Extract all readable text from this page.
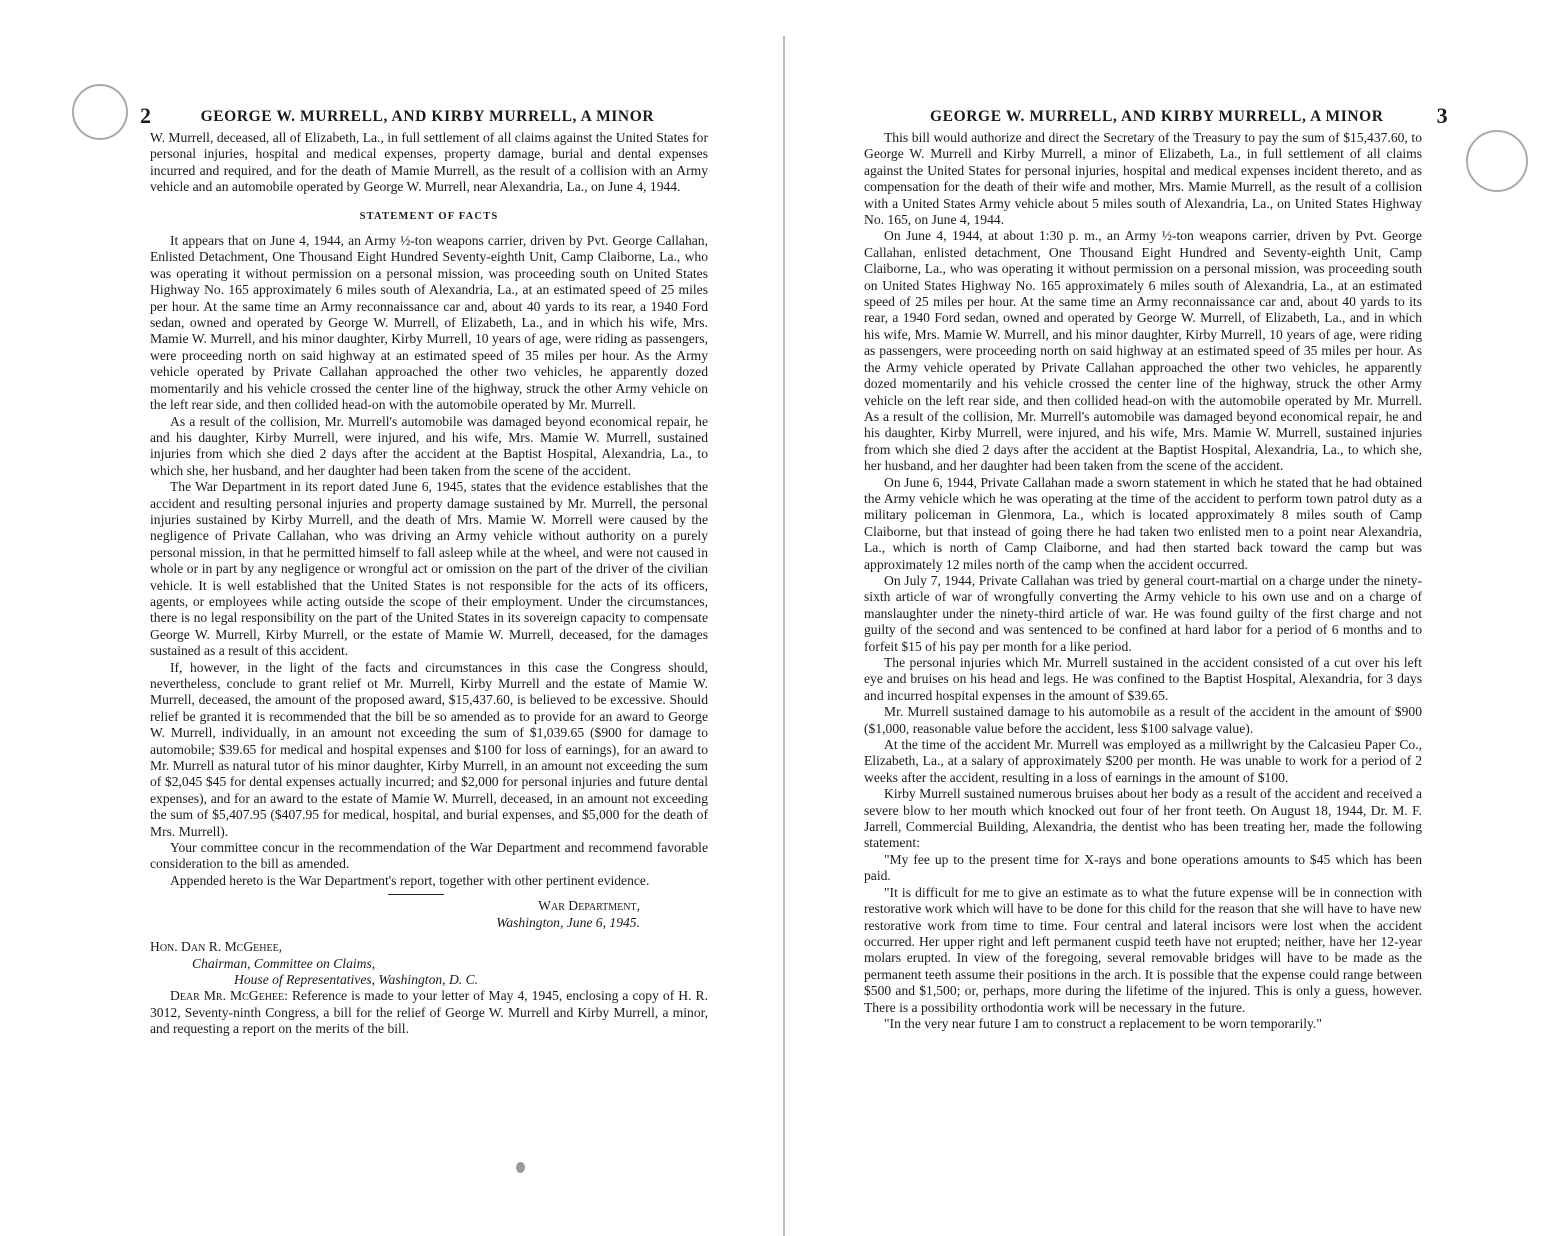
2	GEORGE W. MURRELL, AND KIRBY MURRELL, A MINOR

W. Murrell, deceased, all of Elizabeth, La., in full settlement of all claims against the United States for personal injuries, hospital and medical expenses, property damage, burial and dental expenses incurred and required, and for the death of Mamie Murrell, as the result of a collision with an Army vehicle and an automobile operated by George W. Murrell, near Alexandria, La., on June 4, 1944.

STATEMENT OF FACTS

It appears that on June 4, 1944, an Army ½-ton weapons carrier, driven by Pvt. George Callahan, Enlisted Detachment, One Thousand Eight Hundred Seventy-eighth Unit, Camp Claiborne, La., who was operating it without permission on a personal mission, was proceeding south on United States Highway No. 165 approximately 6 miles south of Alexandria, La., at an estimated speed of 25 miles per hour. At the same time an Army reconnaissance car and, about 40 yards to its rear, a 1940 Ford sedan, owned and operated by George W. Murrell, of Elizabeth, La., and in which his wife, Mrs. Mamie W. Murrell, and his minor daughter, Kirby Murrell, 10 years of age, were riding as passengers, were proceeding north on said highway at an estimated speed of 35 miles per hour. As the Army vehicle operated by Private Callahan approached the other two vehicles, he apparently dozed momentarily and his vehicle crossed the center line of the highway, struck the other Army vehicle on the left rear side, and then collided head-on with the automobile operated by Mr. Murrell.

As a result of the collision, Mr. Murrell's automobile was damaged beyond economical repair, he and his daughter, Kirby Murrell, were injured, and his wife, Mrs. Mamie W. Murrell, sustained injuries from which she died 2 days after the accident at the Baptist Hospital, Alexandria, La., to which she, her husband, and her daughter had been taken from the scene of the accident.

The War Department in its report dated June 6, 1945, states that the evidence establishes that the accident and resulting personal injuries and property damage sustained by Mr. Murrell, the personal injuries sustained by Kirby Murrell, and the death of Mrs. Mamie W. Morrell were caused by the negligence of Private Callahan, who was driving an Army vehicle without authority on a purely personal mission, in that he permitted himself to fall asleep while at the wheel, and were not caused in whole or in part by any negligence or wrongful act or omission on the part of the driver of the civilian vehicle. It is well established that the United States is not responsible for the acts of its officers, agents, or employees while acting outside the scope of their employment. Under the circumstances, there is no legal responsibility on the part of the United States in its sovereign capacity to compensate George W. Murrell, Kirby Murrell, or the estate of Mamie W. Murrell, deceased, for the damages sustained as a result of this accident.

If, however, in the light of the facts and circumstances in this case the Congress should, nevertheless, conclude to grant relief ot Mr. Murrell, Kirby Murrell and the estate of Mamie W. Murrell, deceased, the amount of the proposed award, $15,437.60, is believed to be excessive. Should relief be granted it is recommended that the bill be so amended as to provide for an award to George W. Murrell, individually, in an amount not exceeding the sum of $1,039.65 ($900 for damage to automobile; $39.65 for medical and hospital expenses and $100 for loss of earnings), for an award to Mr. Murrell as natural tutor of his minor daughter, Kirby Murrell, in an amount not exceeding the sum of $2,045 $45 for dental expenses actually incurred; and $2,000 for personal injuries and future dental expenses), and for an award to the estate of Mamie W. Murrell, deceased, in an amount not exceeding the sum of $5,407.95 ($407.95 for medical, hospital, and burial expenses, and $5,000 for the death of Mrs. Murrell).

Your committee concur in the recommendation of the War Department and recommend favorable consideration to the bill as amended.

Appended hereto is the War Department's report, together with other pertinent evidence.

War Department,

Washington, June 6, 1945.

Hon. Dan R. McGehee,

Chairman, Committee on Claims,

House of Representatives, Washington, D. C.

Dear Mr. McGehee: Reference is made to your letter of May 4, 1945, enclosing a copy of H. R. 3012, Seventy-ninth Congress, a bill for the relief of George W. Murrell and Kirby Murrell, a minor, and requesting a report on the merits of the bill.

GEORGE W. MURRELL, AND KIRBY MURRELL, A MINOR 3

This bill would authorize and direct the Secretary of the Treasury to pay the sum of $15,437.60, to George W. Murrell and Kirby Murrell, a minor of Elizabeth, La., in full settlement of all claims against the United States for personal injuries, hospital and medical expenses incident thereto, and as compensation for the death of their wife and mother, Mrs. Mamie Murrell, as the result of a collision with a United States Army vehicle about 5 miles south of Alexandria, La., on United States Highway No. 165, on June 4, 1944.

On June 4, 1944, at about 1:30 p. m., an Army ½-ton weapons carrier, driven by Pvt. George Callahan, enlisted detachment, One Thousand Eight Hundred and Seventy-eighth Unit, Camp Claiborne, La., who was operating it without permission on a personal mission, was proceeding south on United States Highway No. 165 approximately 6 miles south of Alexandria, La., at an estimated speed of 25 miles per hour. At the same time an Army reconnaissance car and, about 40 yards to its rear, a 1940 Ford sedan, owned and operated by George W. Murrell, of Elizabeth, La., and in which his wife, Mrs. Mamie W. Murrell, and his minor daughter, Kirby Murrell, 10 years of age, were riding as passengers, were proceeding north on said highway at an estimated speed of 35 miles per hour. As the Army vehicle operated by Private Callahan approached the other two vehicles, he apparently dozed momentarily and his vehicle crossed the center line of the highway, struck the other Army vehicle on the left rear side, and then collided head-on with the automobile operated by Mr. Murrell. As a result of the collision, Mr. Murrell's automobile was damaged beyond economical repair, he and his daughter, Kirby Murrell, were injured, and his wife, Mrs. Mamie W. Murrell, sustained injuries from which she died 2 days after the accident at the Baptist Hospital, Alexandria, La., to which she, her husband, and her daughter had been taken from the scene of the accident.

On June 6, 1944, Private Callahan made a sworn statement in which he stated that he had obtained the Army vehicle which he was operating at the time of the accident to perform town patrol duty as a military policeman in Glenmora, La., which is located approximately 8 miles south of Camp Claiborne, but that instead of going there he had taken two enlisted men to a point near Alexandria, La., which is north of Camp Claiborne, and had then started back toward the camp but was approximately 12 miles north of the camp when the accident occurred.

On July 7, 1944, Private Callahan was tried by general court-martial on a charge under the ninety-sixth article of war of wrongfully converting the Army vehicle to his own use and on a charge of manslaughter under the ninety-third article of war. He was found guilty of the first charge and not guilty of the second and was sentenced to be confined at hard labor for a period of 6 months and to forfeit $15 of his pay per month for a like period.

The personal injuries which Mr. Murrell sustained in the accident consisted of a cut over his left eye and bruises on his head and legs. He was confined to the Baptist Hospital, Alexandria, for 3 days and incurred hospital expenses in the amount of $39.65.

Mr. Murrell sustained damage to his automobile as a result of the accident in the amount of $900 ($1,000, reasonable value before the accident, less $100 salvage value).

At the time of the accident Mr. Murrell was employed as a millwright by the Calcasieu Paper Co., Elizabeth, La., at a salary of approximately $200 per month. He was unable to work for a period of 2 weeks after the accident, resulting in a loss of earnings in the amount of $100.

Kirby Murrell sustained numerous bruises about her body as a result of the accident and received a severe blow to her mouth which knocked out four of her front teeth. On August 18, 1944, Dr. M. F. Jarrell, Commercial Building, Alexandria, the dentist who has been treating her, made the following statement:

"My fee up to the present time for X-rays and bone operations amounts to $45 which has been paid.

"It is difficult for me to give an estimate as to what the future expense will be in connection with restorative work which will have to be done for this child for the reason that she will have to have new restorative work from time to time. Four central and lateral incisors were lost when the accident occurred. Her upper right and left permanent cuspid teeth have not erupted; neither, have her 12-year molars erupted. In view of the foregoing, several removable bridges will have to be made as the permanent teeth assume their positions in the arch. It is possible that the expense could range between $500 and $1,500; or, perhaps, more during the lifetime of the injured. This is only a guess, however. There is a possibility orthodontia work will be necessary in the future.

"In the very near future I am to construct a replacement to be worn temporarily."
